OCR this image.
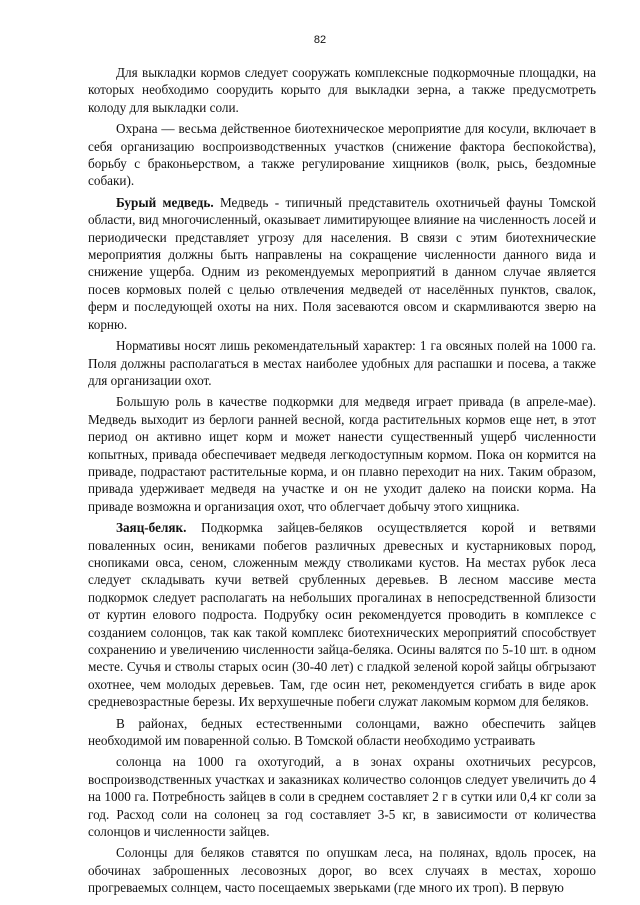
82

Для выкладки кормов следует сооружать комплексные подкормочные площадки, на которых необходимо соорудить корыто для выкладки зерна, а также предусмотреть колоду для выкладки соли.

Охрана — весьма действенное биотехническое мероприятие для косули, включает в себя организацию воспроизводственных участков (снижение фактора беспокойства), борьбу с браконьерством, а также регулирование хищников (волк, рысь, бездомные собаки).

Бурый медведь. Медведь - типичный представитель охотничьей фауны Томской области, вид многочисленный, оказывает лимитирующее влияние на численность лосей и периодически представляет угрозу для населения. В связи с этим биотехнические мероприятия должны быть направлены на сокращение численности данного вида и снижение ущерба. Одним из рекомендуемых мероприятий в данном случае является посев кормовых полей с целью отвлечения медведей от населённых пунктов, свалок, ферм и последующей охоты на них. Поля засеваются овсом и скармливаются зверю на корню.

Нормативы носят лишь рекомендательный характер: 1 га овсяных полей на 1000 га. Поля должны располагаться в местах наиболее удобных для распашки и посева, а также для организации охот.

Большую роль в качестве подкормки для медведя играет привада (в апреле-мае). Медведь выходит из берлоги ранней весной, когда растительных кормов еще нет, в этот период он активно ищет корм и может нанести существенный ущерб численности копытных, привада обеспечивает медведя легкодоступным кормом. Пока он кормится на приваде, подрастают растительные корма, и он плавно переходит на них. Таким образом, привада удерживает медведя на участке и он не уходит далеко на поиски корма. На приваде возможна и организация охот, что облегчает добычу этого хищника.

Заяц-беляк. Подкормка зайцев-беляков осуществляется корой и ветвями поваленных осин, вениками побегов различных древесных и кустарниковых пород, снопиками овса, сеном, сложенным между стволиками кустов. На местах рубок леса следует складывать кучи ветвей срубленных деревьев. В лесном массиве места подкормок следует располагать на небольших прогалинах в непосредственной близости от куртин елового подроста. Подрубку осин рекомендуется проводить в комплексе с созданием солонцов, так как такой комплекс биотехнических мероприятий способствует сохранению и увеличению численности зайца-беляка. Осины валятся по 5-10 шт. в одном месте. Сучья и стволы старых осин (30-40 лет) с гладкой зеленой корой зайцы обгрызают охотнее, чем молодых деревьев. Там, где осин нет, рекомендуется сгибать в виде арок средневозрастные березы. Их верхушечные побеги служат лакомым кормом для беляков.

В районах, бедных естественными солонцами, важно обеспечить зайцев необходимой им поваренной солью. В Томской области необходимо устраивать

солонца на 1000 га охотугодий, а в зонах охраны охотничьих ресурсов, воспроизводственных участках и заказниках количество солонцов следует увеличить до 4 на 1000 га. Потребность зайцев в соли в среднем составляет 2 г в сутки или 0,4 кг соли за год. Расход соли на солонец за год составляет 3-5 кг, в зависимости от количества солонцов и численности зайцев.

Солонцы для беляков ставятся по опушкам леса, на полянах, вдоль просек, на обочинах заброшенных лесовозных дорог, во всех случаях в местах, хорошо прогреваемых солнцем, часто посещаемых зверьками (где много их троп). В первую
